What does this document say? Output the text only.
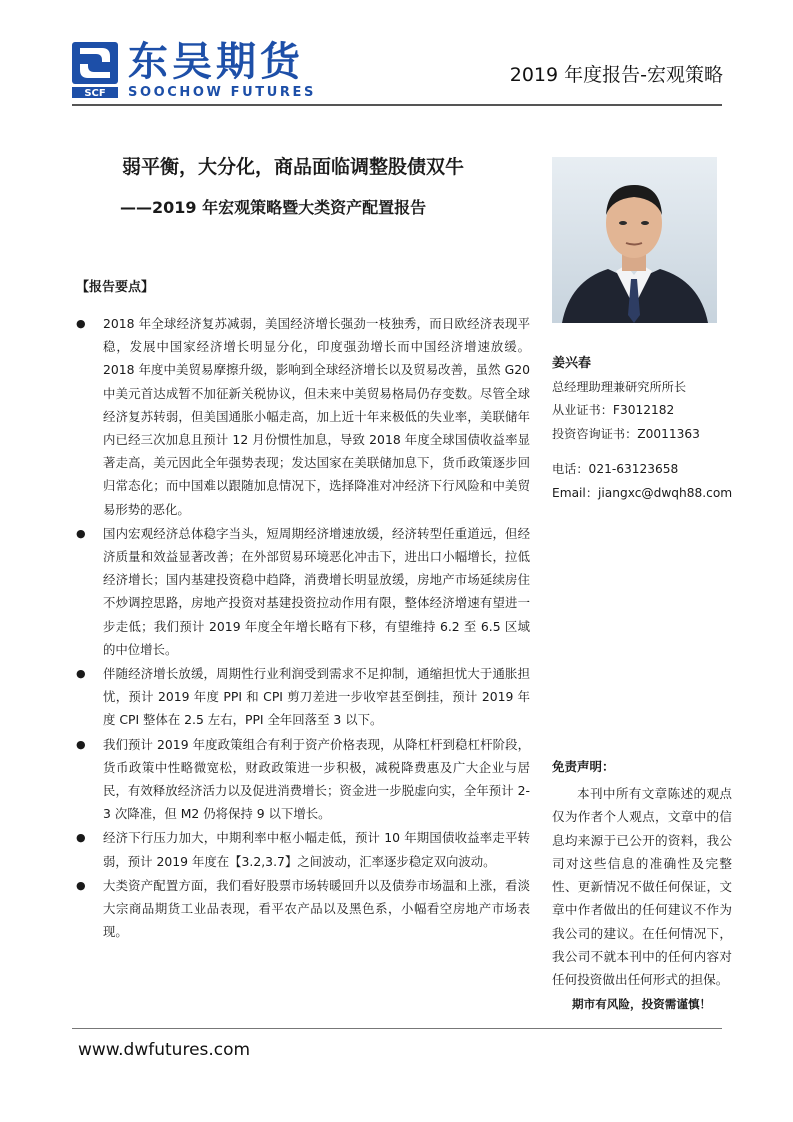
SCF
东吴期货
SOOCHOW FUTURES
2019 年度报告-宏观策略
弱平衡，大分化，商品面临调整股债双牛
——2019 年宏观策略暨大类资产配置报告
【报告要点】
● 2018 年全球经济复苏减弱，美国经济增长强劲一枝独秀，而日欧经济表现平稳，发展中国家经济增长明显分化，印度强劲增长而中国经济增速放缓。2018 年度中美贸易摩擦升级，影响到全球经济增长以及贸易改善，虽然 G20 中美元首达成暂不加征新关税协议，但未来中美贸易格局仍存变数。尽管全球经济复苏转弱，但美国通胀小幅走高，加上近十年来极低的失业率，美联储年内已经三次加息且预计 12 月份惯性加息，导致 2018 年度全球国债收益率显著走高，美元因此全年强势表现；发达国家在美联储加息下，货币政策逐步回归常态化；而中国难以跟随加息情况下，选择降准对冲经济下行风险和中美贸易形势的恶化。
● 国内宏观经济总体稳字当头，短周期经济增速放缓，经济转型任重道远，但经济质量和效益显著改善；在外部贸易环境恶化冲击下，进出口小幅增长，拉低经济增长；国内基建投资稳中趋降，消费增长明显放缓，房地产市场延续房住不炒调控思路，房地产投资对基建投资拉动作用有限，整体经济增速有望进一步走低；我们预计 2019 年度全年增长略有下移，有望维持 6.2 至 6.5 区域的中位增长。
● 伴随经济增长放缓，周期性行业利润受到需求不足抑制，通缩担忧大于通胀担忧，预计 2019 年度 PPI 和 CPI 剪刀差进一步收窄甚至倒挂，预计 2019 年度 CPI 整体在 2.5 左右，PPI 全年回落至 3 以下。
● 我们预计 2019 年度政策组合有利于资产价格表现，从降杠杆到稳杠杆阶段，货币政策中性略微宽松，财政政策进一步积极，减税降费惠及广大企业与居民，有效释放经济活力以及促进消费增长；资金进一步脱虚向实，全年预计 2-3 次降准，但 M2 仍将保持 9 以下增长。
● 经济下行压力加大，中期利率中枢小幅走低，预计 10 年期国债收益率走平转弱，预计 2019 年度在【3.2,3.7】之间波动，汇率逐步稳定双向波动。
● 大类资产配置方面，我们看好股票市场转暖回升以及债券市场温和上涨，看淡大宗商品期货工业品表现，看平农产品以及黑色系，小幅看空房地产市场表现。
姜兴春
总经理助理兼研究所所长
从业证书：F3012182
投资咨询证书：Z0011363
电话：021-63123658
Email：jiangxc@dwqh88.com
免责声明：
本刊中所有文章陈述的观点仅为作者个人观点，文章中的信息均来源于已公开的资料，我公司对这些信息的准确性及完整性、更新情况不做任何保证，文章中作者做出的任何建议不作为我公司的建议。在任何情况下，我公司不就本刊中的任何内容对任何投资做出任何形式的担保。
期市有风险，投资需谨慎！
www.dwfutures.com
